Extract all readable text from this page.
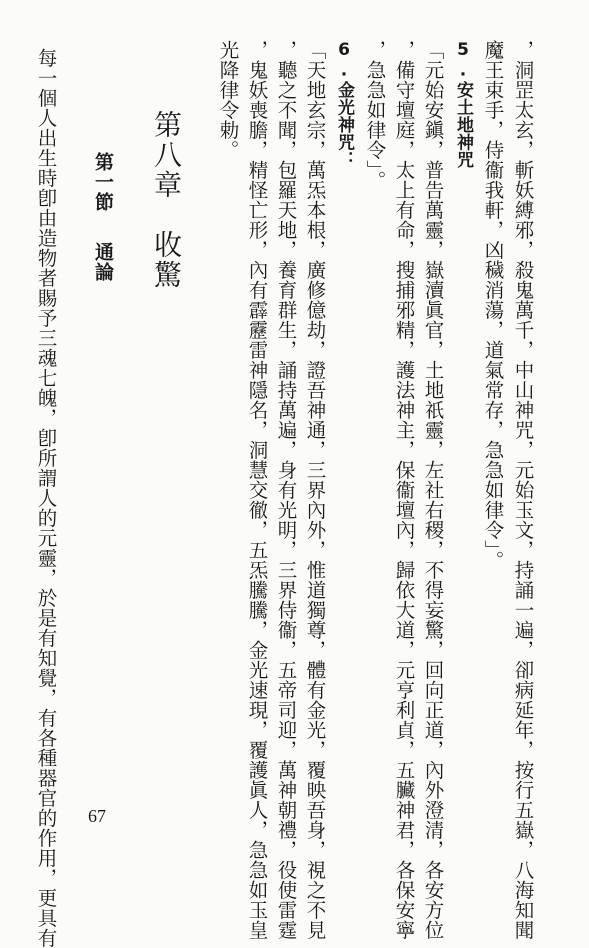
，洞罡太玄，斬妖縛邪，殺鬼萬千，中山神咒，元始玉文，持誦一遍，卻病延年，按行五嶽，八海知聞
魔王束手，侍衞我軒，凶穢消蕩，道氣常存，急急如律令」。
5.安土地神咒
「元始安鎭，普告萬靈，嶽瀆眞官，土地祇靈，左社右稷，不得妄驚，回向正道，內外澄清，各安方位
，備守壇庭，太上有命，搜捕邪精，護法神主，保衞壇內，歸依大道，元亨利貞，五臟神君，各保安寧
，急急如律令」。
6.金光神咒：
「天地玄宗，萬炁本根，廣修億劫，證吾神通，三界內外，惟道獨尊，體有金光，覆映吾身，視之不見
，聽之不聞，包羅天地，養育群生，誦持萬遍，身有光明，三界侍衞，五帝司迎，萬神朝禮，役使雷霆
，鬼妖喪膽，精怪亡形，內有霹靂雷神隱名，洞慧交徹，五炁騰騰，金光速現，覆護眞人，急急如玉皇
光降律令勅。
第八章　收驚
第一節通論
每一個人出生時卽由造物者賜予三魂七魄，卽所謂人的元靈，於是有知覺，有各種器官的作用，更具有 67
